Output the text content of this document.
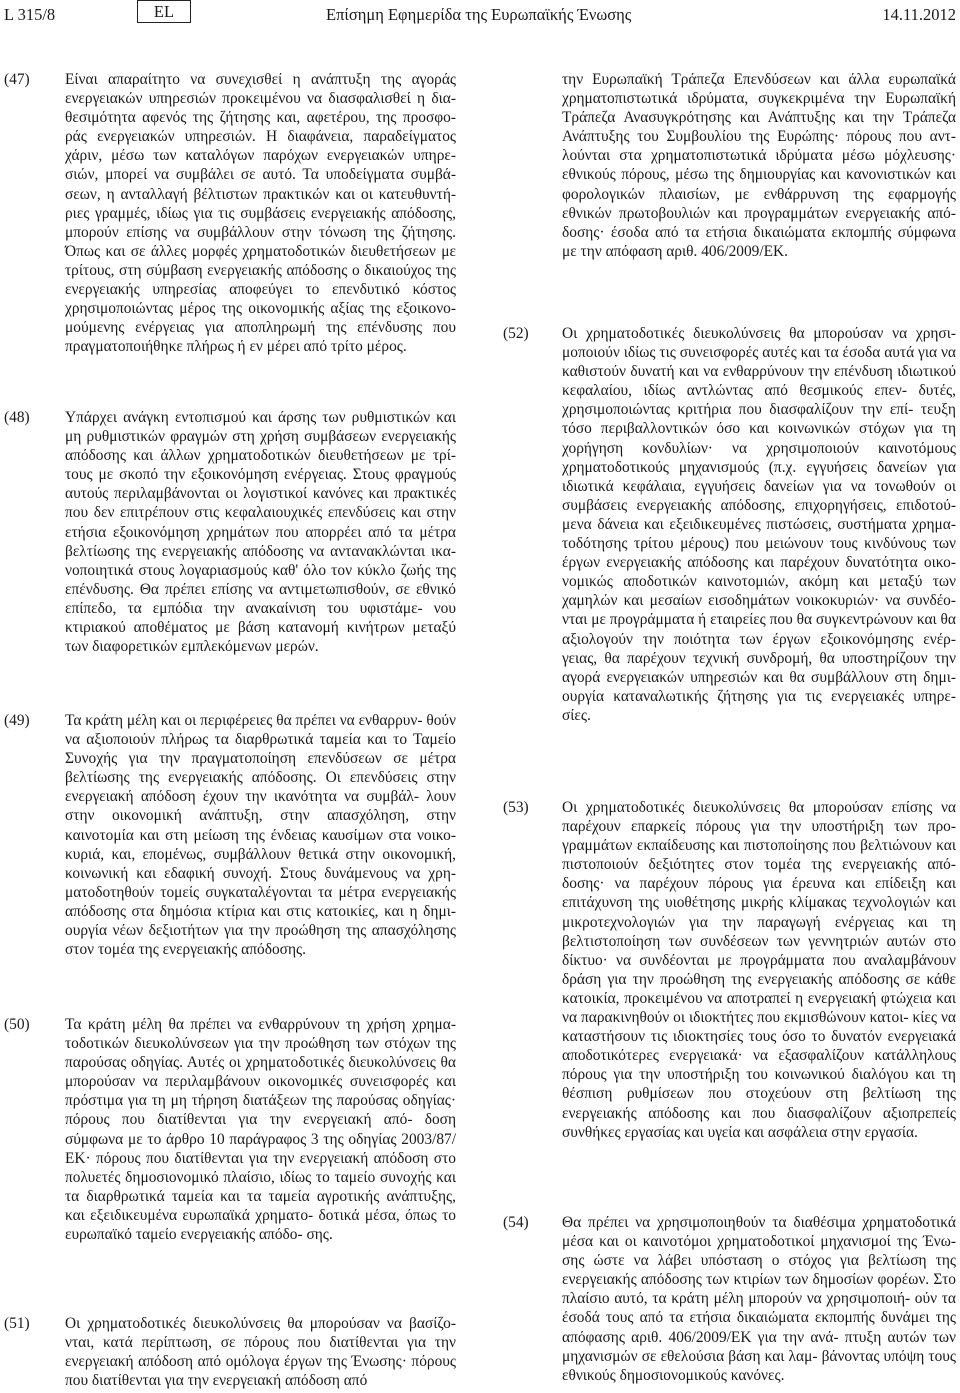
L 315/8	EL	Επίσημη Εφημερίδα της Ευρωπαϊκής Ένωσης	14.11.2012
(47) Είναι απαραίτητο να συνεχισθεί η ανάπτυξη της αγοράς ενεργειακών υπηρεσιών προκειμένου να διασφαλισθεί η δια- θεσιμότητα αφενός της ζήτησης και, αφετέρου, της προσφο- ράς ενεργειακών υπηρεσιών. Η διαφάνεια, παραδείγματος χάριν, μέσω των καταλόγων παρόχων ενεργειακών υπηρε- σιών, μπορεί να συμβάλει σε αυτό. Τα υποδείγματα συμβά- σεων, η ανταλλαγή βέλτιστων πρακτικών και οι κατευθυντή- ριες γραμμές, ιδίως για τις συμβάσεις ενεργειακής απόδοσης, μπορούν επίσης να συμβάλλουν στην τόνωση της ζήτησης. Όπως και σε άλλες μορφές χρηματοδοτικών διευθετήσεων με τρίτους, στη σύμβαση ενεργειακής απόδοσης ο δικαιούχος της ενεργειακής υπηρεσίας αποφεύγει το επενδυτικό κόστος χρησιμοποιώντας μέρος της οικονομικής αξίας της εξοικονο- μούμενης ενέργειας για αποπληρωμή της επένδυσης που πραγματοποιήθηκε πλήρως ή εν μέρει από τρίτο μέρος.
(48) Υπάρχει ανάγκη εντοπισμού και άρσης των ρυθμιστικών και μη ρυθμιστικών φραγμών στη χρήση συμβάσεων ενεργειακής απόδοσης και άλλων χρηματοδοτικών διευθετήσεων με τρί- τους με σκοπό την εξοικονόμηση ενέργειας. Στους φραγμούς αυτούς περιλαμβάνονται οι λογιστικοί κανόνες και πρακτικές που δεν επιτρέπουν στις κεφαλαιουχικές επενδύσεις και στην ετήσια εξοικονόμηση χρημάτων που απορρέει από τα μέτρα βελτίωσης της ενεργειακής απόδοσης να αντανακλώνται ικα- νοποιητικά στους λογαριασμούς καθ' όλο τον κύκλο ζωής της επένδυσης. Θα πρέπει επίσης να αντιμετωπισθούν, σε εθνικό επίπεδο, τα εμπόδια την ανακαίνιση του υφιστάμε- νου κτιριακού αποθέματος με βάση κατανομή κινήτρων μεταξύ των διαφορετικών εμπλεκόμενων μερών.
(49) Τα κράτη μέλη και οι περιφέρειες θα πρέπει να ενθαρρυν- θούν να αξιοποιούν πλήρως τα διαρθρωτικά ταμεία και το Ταμείο Συνοχής για την πραγματοποίηση επενδύσεων σε μέτρα βελτίωσης της ενεργειακής απόδοσης. Οι επενδύσεις στην ενεργειακή απόδοση έχουν την ικανότητα να συμβάλ- λουν στην οικονομική ανάπτυξη, στην απασχόληση, στην καινοτομία και στη μείωση της ένδειας καυσίμων στα νοικο- κυριά, και, επομένως, συμβάλλουν θετικά στην οικονομική, κοινωνική και εδαφική συνοχή. Στους δυνάμενους να χρη- ματοδοτηθούν τομείς συγκαταλέγονται τα μέτρα ενεργειακής απόδοσης στα δημόσια κτίρια και στις κατοικίες, και η δημι- ουργία νέων δεξιοτήτων για την προώθηση της απασχόλησης στον τομέα της ενεργειακής απόδοσης.
(50) Τα κράτη μέλη θα πρέπει να ενθαρρύνουν τη χρήση χρημα- τοδοτικών διευκολύνσεων για την προώθηση των στόχων της παρούσας οδηγίας. Αυτές οι χρηματοδοτικές διευκολύνσεις θα μπορούσαν να περιλαμβάνουν οικονομικές συνεισφορές και πρόστιμα για τη μη τήρηση διατάξεων της παρούσας οδηγίας· πόρους που διατίθενται για την ενεργειακή από- δοση σύμφωνα με το άρθρο 10 παράγραφος 3 της οδηγίας 2003/87/ΕΚ· πόρους που διατίθενται για την ενεργειακή απόδοση στο πολυετές δημοσιονομικό πλαίσιο, ιδίως το ταμείο συνοχής και τα διαρθρωτικά ταμεία και τα ταμεία αγροτικής ανάπτυξης, και εξειδικευμένα ευρωπαϊκά χρηματο- δοτικά μέσα, όπως το ευρωπαϊκό ταμείο ενεργειακής απόδο- σης.
(51) Οι χρηματοδοτικές διευκολύνσεις θα μπορούσαν να βασίζο- νται, κατά περίπτωση, σε πόρους που διατίθενται για την ενεργειακή απόδοση από ομόλογα έργων της Ένωσης· πόρους που διατίθενται για την ενεργειακή απόδοση από
την Ευρωπαϊκή Τράπεζα Επενδύσεων και άλλα ευρωπαϊκά χρηματοπιστωτικά ιδρύματα, συγκεκριμένα την Ευρωπαϊκή Τράπεζα Ανασυγκρότησης και Ανάπτυξης και την Τράπεζα Ανάπτυξης του Συμβουλίου της Ευρώπης· πόρους που αντ- λούνται στα χρηματοπιστωτικά ιδρύματα μέσω μόχλευσης· εθνικούς πόρους, μέσω της δημιουργίας και κανονιστικών και φορολογικών πλαισίων, με ενθάρρυνση της εφαρμογής εθνικών πρωτοβουλιών και προγραμμάτων ενεργειακής από- δοσης· έσοδα από τα ετήσια δικαιώματα εκπομπής σύμφωνα με την απόφαση αριθ. 406/2009/ΕΚ.
(52) Οι χρηματοδοτικές διευκολύνσεις θα μπορούσαν να χρησι- μοποιούν ιδίως τις συνεισφορές αυτές και τα έσοδα αυτά για να καθιστούν δυνατή και να ενθαρρύνουν την επένδυση ιδιωτικού κεφαλαίου, ιδίως αντλώντας από θεσμικούς επεν- δυτές, χρησιμοποιώντας κριτήρια που διασφαλίζουν την επί- τευξη τόσο περιβαλλοντικών όσο και κοινωνικών στόχων για τη χορήγηση κονδυλίων· να χρησιμοποιούν καινοτόμους χρηματοδοτικούς μηχανισμούς (π.χ. εγγυήσεις δανείων για ιδιωτικά κεφάλαια, εγγυήσεις δανείων για να τονωθούν οι συμβάσεις ενεργειακής απόδοσης, επιχορηγήσεις, επιδοτού- μενα δάνεια και εξειδικευμένες πιστώσεις, συστήματα χρημα- τοδότησης τρίτου μέρους) που μειώνουν τους κινδύνους των έργων ενεργειακής απόδοσης και παρέχουν δυνατότητα οικο- νομικώς αποδοτικών καινοτομιών, ακόμη και μεταξύ των χαμηλών και μεσαίων εισοδημάτων νοικοκυριών· να συνδέο- νται με προγράμματα ή εταιρείες που θα συγκεντρώνουν και θα αξιολογούν την ποιότητα των έργων εξοικονόμησης ενέρ- γειας, θα παρέχουν τεχνική συνδρομή, θα υποστηρίζουν την αγορά ενεργειακών υπηρεσιών και θα συμβάλλουν στη δημι- ουργία καταναλωτικής ζήτησης για τις ενεργειακές υπηρε- σίες.
(53) Οι χρηματοδοτικές διευκολύνσεις θα μπορούσαν επίσης να παρέχουν επαρκείς πόρους για την υποστήριξη των προ- γραμμάτων εκπαίδευσης και πιστοποίησης που βελτιώνουν και πιστοποιούν δεξιότητες στον τομέα της ενεργειακής από- δοσης· να παρέχουν πόρους για έρευνα και επίδειξη και επιτάχυνση της υιοθέτησης μικρής κλίμακας τεχνολογιών και μικροτεχνολογιών για την παραγωγή ενέργειας και τη βελτιστοποίηση των συνδέσεων των γεννητριών αυτών στο δίκτυο· να συνδέονται με προγράμματα που αναλαμβάνουν δράση για την προώθηση της ενεργειακής απόδοσης σε κάθε κατοικία, προκειμένου να αποτραπεί η ενεργειακή φτώχεια και να παρακινηθούν οι ιδιοκτήτες που εκμισθώνουν κατοι- κίες να καταστήσουν τις ιδιοκτησίες τους όσο το δυνατόν ενεργειακά αποδοτικότερες ενεργειακά· να εξασφαλίζουν κατάλληλους πόρους για την υποστήριξη του κοινωνικού διαλόγου και τη θέσπιση ρυθμίσεων που στοχεύουν στη βελτίωση της ενεργειακής απόδοσης και που διασφαλίζουν αξιοπρεπείς συνθήκες εργασίας και υγεία και ασφάλεια στην εργασία.
(54) Θα πρέπει να χρησιμοποιηθούν τα διαθέσιμα χρηματοδοτικά μέσα και οι καινοτόμοι χρηματοδοτικοί μηχανισμοί της Ένω- σης ώστε να λάβει υπόσταση ο στόχος για βελτίωση της ενεργειακής απόδοσης των κτιρίων των δημοσίων φορέων. Στο πλαίσιο αυτό, τα κράτη μέλη μπορούν να χρησιμοποιή- ούν τα έσοδά τους από τα ετήσια δικαιώματα εκπομπής δυνάμει της απόφασης αριθ. 406/2009/ΕΚ για την ανά- πτυξη αυτών των μηχανισμών σε εθελούσια βάση και λαμ- βάνοντας υπόψη τους εθνικούς δημοσιονομικούς κανόνες.
